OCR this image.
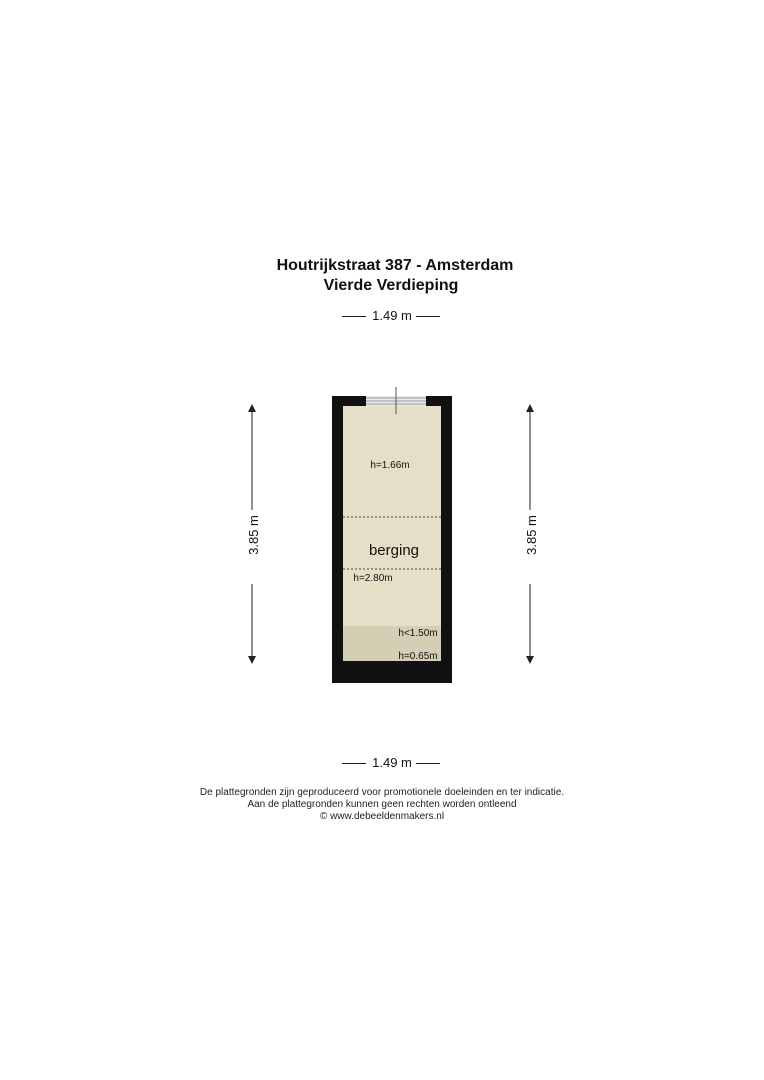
Houtrijkstraat 387 - Amsterdam
Vierde Verdieping
1.49 m
1.49 m
3.85 m	3.85 m
h=1.66m
berging
h=2.80m
h<1.50m
h=0.65m
De plattegronden zijn geproduceerd voor promotionele doeleinden en ter indicatie.
Aan de plattegronden kunnen geen rechten worden ontleend
© www.debeeldenmakers.nl
